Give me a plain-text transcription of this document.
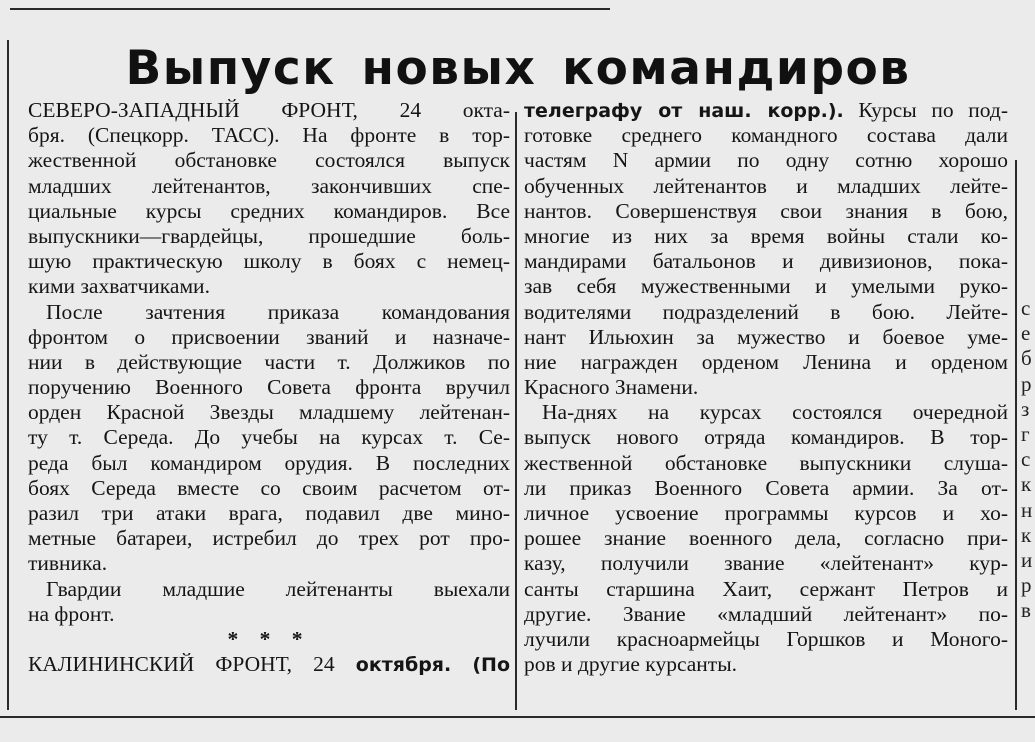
Выпуск новых командиров
СЕВЕРО-ЗАПАДНЫЙ ФРОНТ, 24 окта-
бря. (Спецкорр. ТАСС). На фронте в тор-
жественной обстановке состоялся выпуск
младших лейтенантов, закончивших спе-
циальные курсы средних командиров. Все
выпускники—гвардейцы, прошедшие боль-
шую практическую школу в боях с немец-
кими захватчиками.
После зачтения приказа командования
фронтом о присвоении званий и назначе-
нии в действующие части т. Должиков по
поручению Военного Совета фронта вручил
орден Красной Звезды младшему лейтенан-
ту т. Середа. До учебы на курсах т. Се-
реда был командиром орудия. В последних
боях Середа вместе со своим расчетом от-
разил три атаки врага, подавил две мино-
метные батареи, истребил до трех рот про-
тивника.
Гвардии младшие лейтенанты выехали
на фронт.
* * *
КАЛИНИНСКИЙ ФРОНТ, 24 октября. (По
телеграфу от наш. корр.). Курсы по под-
готовке среднего командного состава дали
частям N армии по одну сотню хорошо
обученных лейтенантов и младших лейте-
нантов. Совершенствуя свои знания в бою,
многие из них за время войны стали ко-
мандирами батальонов и дивизионов, пока-
зав себя мужественными и умелыми руко-
водителями подразделений в бою. Лейте-
нант Ильюхин за мужество и боевое уме-
ние награжден орденом Ленина и орденом
Красного Знамени.
На-днях на курсах состоялся очередной
выпуск нового отряда командиров. В тор-
жественной обстановке выпускники слуша-
ли приказ Военного Совета армии. За от-
личное усвоение программы курсов и хо-
рошее знание военного дела, согласно при-
казу, получили звание «лейтенант» кур-
санты старшина Хаит, сержант Петров и
другие. Звание «младший лейтенант» по-
лучили красноармейцы Горшков и Моного-
ров и другие курсанты.
с
е
б
р
з
г
с
к
н
к
и
р
в
